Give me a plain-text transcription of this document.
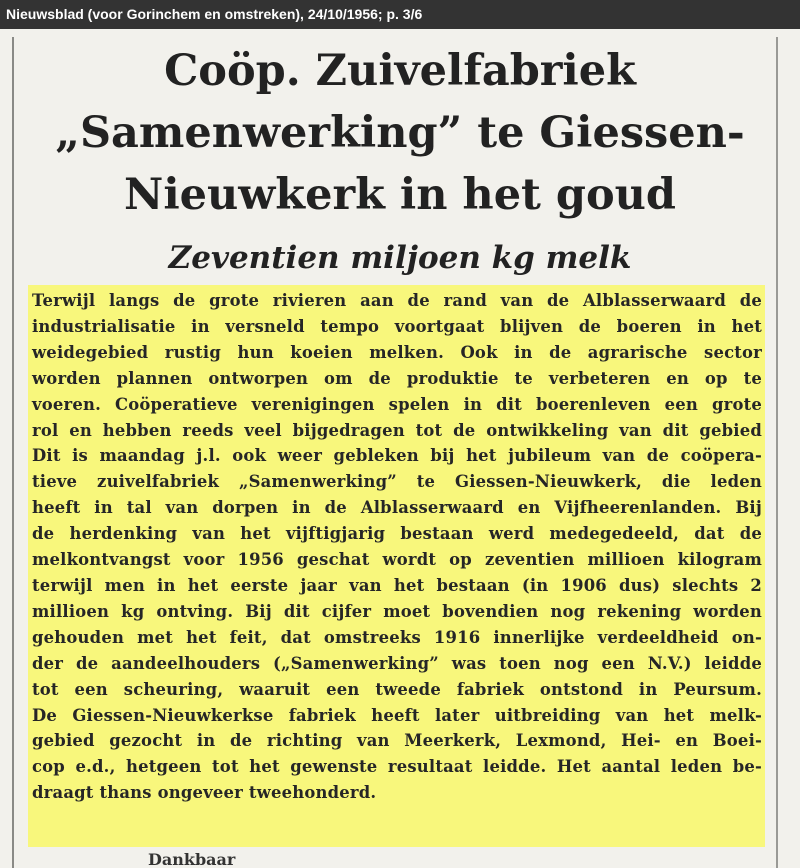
Nieuwsblad (voor Gorinchem en omstreken), 24/10/1956; p. 3/6
Coöp. Zuivelfabriek
„Samenwerking” te Giessen-
Nieuwkerk in het goud
Zeventien miljoen kg melk
Terwijl langs de grote rivieren aan de rand van de Alblasserwaard de
industrialisatie in versneld tempo voortgaat blijven de boeren in het
weidegebied rustig hun koeien melken. Ook in de agrarische sector
worden plannen ontworpen om de produktie te verbeteren en op te
voeren. Coöperatieve verenigingen spelen in dit boerenleven een grote
rol en hebben reeds veel bijgedragen tot de ontwikkeling van dit gebied
Dit is maandag j.l. ook weer gebleken bij het jubileum van de coöpera-
tieve zuivelfabriek „Samenwerking” te Giessen-Nieuwkerk, die leden
heeft in tal van dorpen in de Alblasserwaard en Vijfheerenlanden. Bij
de herdenking van het vijftigjarig bestaan werd medegedeeld, dat de
melkontvangst voor 1956 geschat wordt op zeventien millioen kilogram
terwijl men in het eerste jaar van het bestaan (in 1906 dus) slechts 2
millioen kg ontving. Bij dit cijfer moet bovendien nog rekening worden
gehouden met het feit, dat omstreeks 1916 innerlijke verdeeldheid on-
der de aandeelhouders („Samenwerking” was toen nog een N.V.) leidde
tot een scheuring, waaruit een tweede fabriek ontstond in Peursum.
De Giessen-Nieuwkerkse fabriek heeft later uitbreiding van het melk-
gebied gezocht in de richting van Meerkerk, Lexmond, Hei- en Boei-
cop e.d., hetgeen tot het gewenste resultaat leidde. Het aantal leden be-
draagt thans ongeveer tweehonderd.
Dankbaar
